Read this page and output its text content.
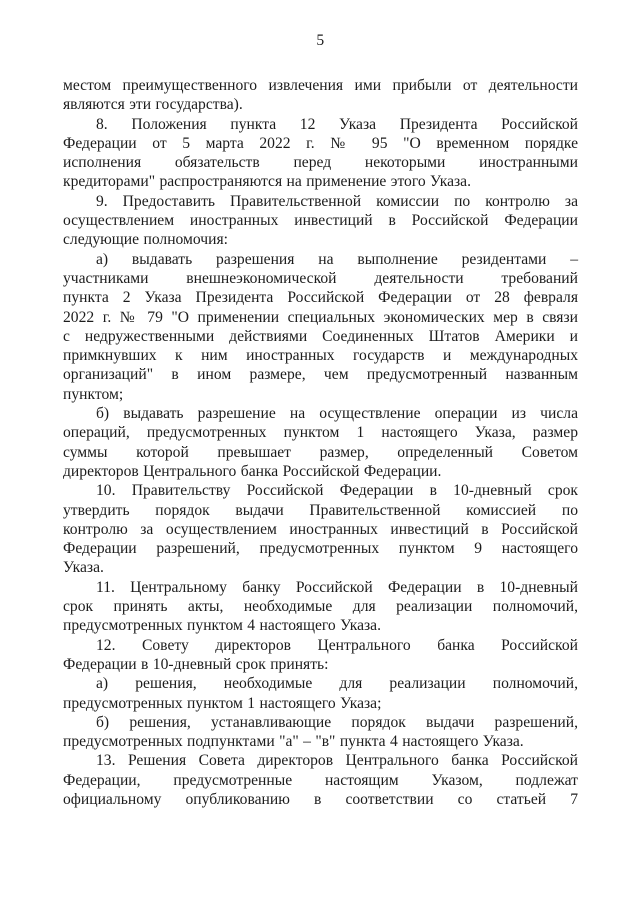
5
местом преимущественного извлечения ими прибыли от деятельности
являются эти государства).
8. Положения пункта 12 Указа Президента Российской
Федерации от 5 марта 2022 г. № 95 "О временном порядке
исполнения обязательств перед некоторыми иностранными
кредиторами" распространяются на применение этого Указа.
9. Предоставить Правительственной комиссии по контролю за
осуществлением иностранных инвестиций в Российской Федерации
следующие полномочия:
а) выдавать разрешения на выполнение резидентами –
участниками внешнеэкономической деятельности требований
пункта 2 Указа Президента Российской Федерации от 28 февраля
2022 г. № 79 "О применении специальных экономических мер в связи
с недружественными действиями Соединенных Штатов Америки и
примкнувших к ним иностранных государств и международных
организаций" в ином размере, чем предусмотренный названным
пунктом;
б) выдавать разрешение на осуществление операции из числа
операций, предусмотренных пунктом 1 настоящего Указа, размер
суммы которой превышает размер, определенный Советом
директоров Центрального банка Российской Федерации.
10. Правительству Российской Федерации в 10-дневный срок
утвердить порядок выдачи Правительственной комиссией по
контролю за осуществлением иностранных инвестиций в Российской
Федерации разрешений, предусмотренных пунктом 9 настоящего
Указа.
11. Центральному банку Российской Федерации в 10-дневный
срок принять акты, необходимые для реализации полномочий,
предусмотренных пунктом 4 настоящего Указа.
12. Совету директоров Центрального банка Российской
Федерации в 10-дневный срок принять:
а) решения, необходимые для реализации полномочий,
предусмотренных пунктом 1 настоящего Указа;
б) решения, устанавливающие порядок выдачи разрешений,
предусмотренных подпунктами "а" – "в" пункта 4 настоящего Указа.
13. Решения Совета директоров Центрального банка Российской
Федерации, предусмотренные настоящим Указом, подлежат
официальному опубликованию в соответствии со статьей 7
